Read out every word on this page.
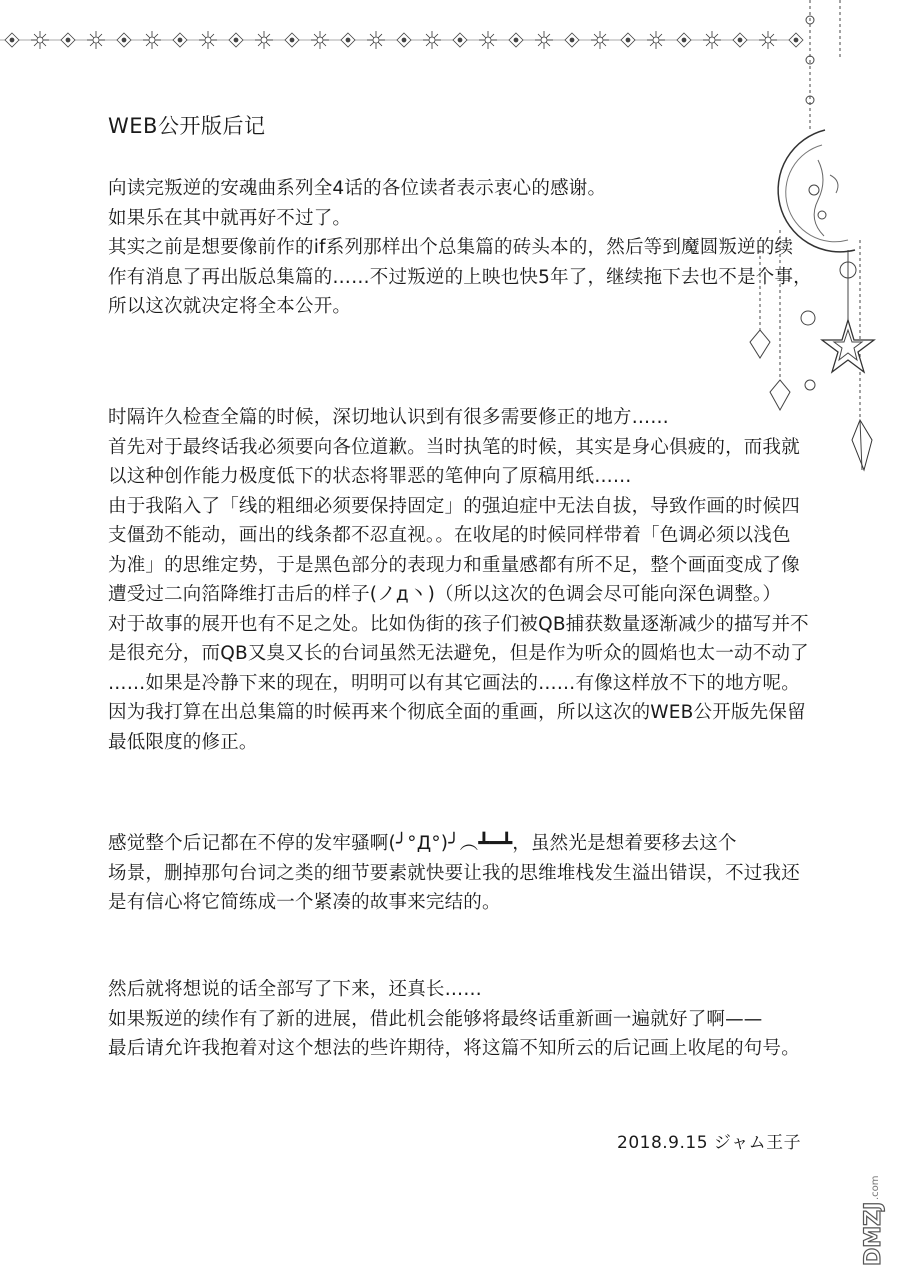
WEB公开版后记

向读完叛逆的安魂曲系列全4话的各位读者表示衷心的感谢。

如果乐在其中就再好不过了。

其实之前是想要像前作的if系列那样出个总集篇的砖头本的，然后等到魔圆叛逆的续

作有消息了再出版总集篇的……不过叛逆的上映也快5年了，继续拖下去也不是个事，

所以这次就决定将全本公开。

时隔许久检查全篇的时候，深切地认识到有很多需要修正的地方……

首先对于最终话我必须要向各位道歉。当时执笔的时候，其实是身心俱疲的，而我就

以这种创作能力极度低下的状态将罪恶的笔伸向了原稿用纸……

由于我陷入了「线的粗细必须要保持固定」的强迫症中无法自拔，导致作画的时候四

支僵劲不能动，画出的线条都不忍直视。。在收尾的时候同样带着「色调必须以浅色

为准」的思维定势，于是黑色部分的表现力和重量感都有所不足，整个画面变成了像

遭受过二向箔降维打击后的样子(ノд丶)（所以这次的色调会尽可能向深色调整。）

对于故事的展开也有不足之处。比如伪街的孩子们被QB捕获数量逐渐减少的描写并不

是很充分，而QB又臭又长的台词虽然无法避免，但是作为听众的圆焰也太一动不动了

……如果是冷静下来的现在，明明可以有其它画法的……有像这样放不下的地方呢。

因为我打算在出总集篇的时候再来个彻底全面的重画，所以这次的WEB公开版先保留

最低限度的修正。

感觉整个后记都在不停的发牢骚啊(╯°Д°)╯︵┻━┻，虽然光是想着要移去这个

场景，删掉那句台词之类的细节要素就快要让我的思维堆栈发生溢出错误，不过我还

是有信心将它简练成一个紧凑的故事来完结的。

然后就将想说的话全部写了下来，还真长……

如果叛逆的续作有了新的进展，借此机会能够将最终话重新画一遍就好了啊——

最后请允许我抱着对这个想法的些许期待，将这篇不知所云的后记画上收尾的句号。

2018.9.15 ジャム王子
DMZJ
.com
